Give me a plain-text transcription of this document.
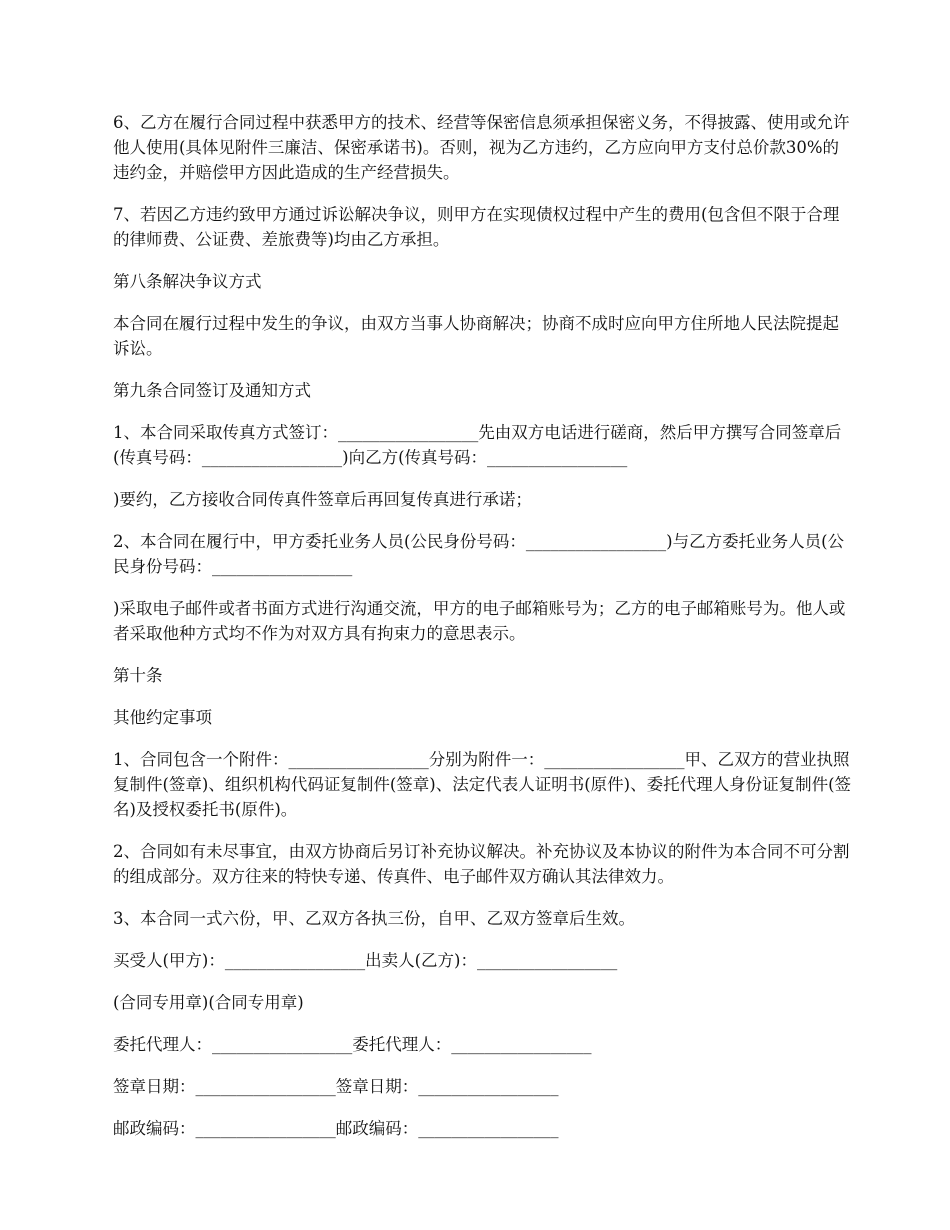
6、乙方在履行合同过程中获悉甲方的技术、经营等保密信息须承担保密义务，不得披露、使用或允许他人使用(具体见附件三廉洁、保密承诺书)。否则，视为乙方违约，乙方应向甲方支付总价款30%的违约金，并赔偿甲方因此造成的生产经营损失。

7、若因乙方违约致甲方通过诉讼解决争议，则甲方在实现债权过程中产生的费用(包含但不限于合理的律师费、公证费、差旅费等)均由乙方承担。

第八条解决争议方式

本合同在履行过程中发生的争议，由双方当事人协商解决；协商不成时应向甲方住所地人民法院提起诉讼。

第九条合同签订及通知方式

1、本合同采取传真方式签订：_________________先由双方电话进行磋商，然后甲方撰写合同签章后(传真号码：_________________)向乙方(传真号码：_________________

)要约，乙方接收合同传真件签章后再回复传真进行承诺；

2、本合同在履行中，甲方委托业务人员(公民身份号码：_________________)与乙方委托业务人员(公民身份号码：_________________

)采取电子邮件或者书面方式进行沟通交流，甲方的电子邮箱账号为；乙方的电子邮箱账号为。他人或者采取他种方式均不作为对双方具有拘束力的意思表示。

第十条

其他约定事项

1、合同包含一个附件：_________________分别为附件一：_________________甲、乙双方的营业执照复制件(签章)、组织机构代码证复制件(签章)、法定代表人证明书(原件)、委托代理人身份证复制件(签名)及授权委托书(原件)。

2、合同如有未尽事宜，由双方协商后另订补充协议解决。补充协议及本协议的附件为本合同不可分割的组成部分。双方往来的特快专递、传真件、电子邮件双方确认其法律效力。

3、本合同一式六份，甲、乙双方各执三份，自甲、乙双方签章后生效。

买受人(甲方)：_________________出卖人(乙方)：_________________

(合同专用章)(合同专用章)

委托代理人：_________________委托代理人：_________________

签章日期：_________________签章日期：_________________

邮政编码：_________________邮政编码：_________________
